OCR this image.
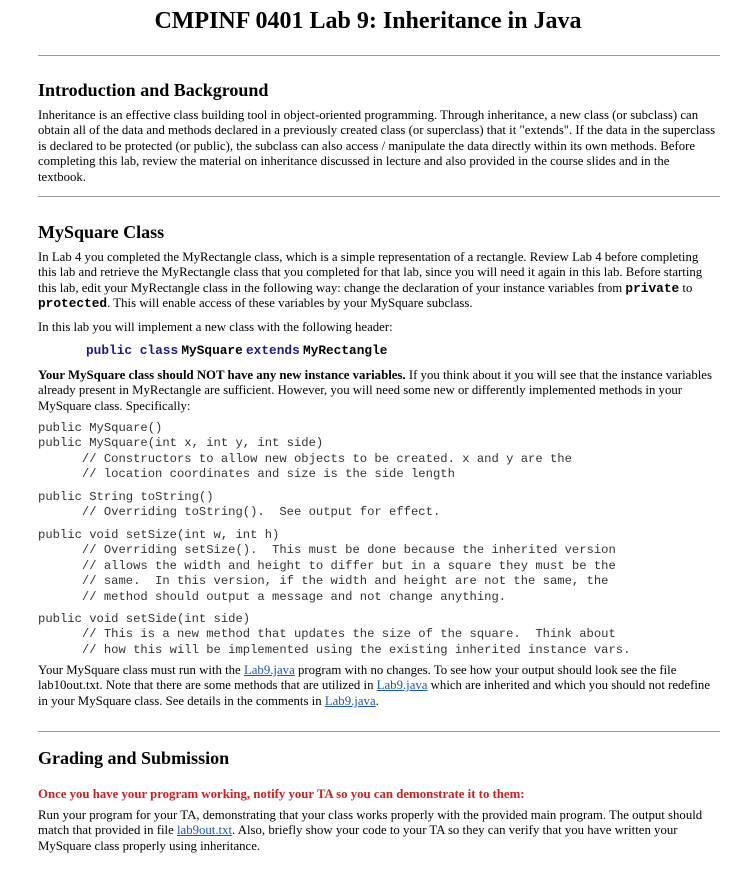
CMPINF 0401 Lab 9: Inheritance in Java
Introduction and Background

Inheritance is an effective class building tool in object-oriented programming. Through inheritance, a new class (or subclass) can obtain all of the data and methods declared in a previously created class (or superclass) that it "extends". If the data in the superclass is declared to be protected (or public), the subclass can also access / manipulate the data directly within its own methods. Before completing this lab, review the material on inheritance discussed in lecture and also provided in the course slides and in the textbook.

MySquare Class

In Lab 4 you completed the MyRectangle class, which is a simple representation of a rectangle. Review Lab 4 before completing this lab and retrieve the MyRectangle class that you completed for that lab, since you will need it again in this lab. Before starting this lab, edit your MyRectangle class in the following way: change the declaration of your instance variables from private to protected. This will enable access of these variables by your MySquare subclass.

In this lab you will implement a new class with the following header:

public class MySquare extends MyRectangle

Your MySquare class should NOT have any new instance variables. If you think about it you will see that the instance variables already present in MyRectangle are sufficient. However, you will need some new or differently implemented methods in your MySquare class. Specifically:

public MySquare()
public MySquare(int x, int y, int side)
// Constructors to allow new objects to be created. x and y are the
// location coordinates and size is the side length
public String toString()
// Overriding toString().  See output for effect.
public void setSize(int w, int h)
// Overriding setSize().  This must be done because the inherited version
// allows the width and height to differ but in a square they must be the
// same.  In this version, if the width and height are not the same, the
// method should output a message and not change anything.
public void setSide(int side)
// This is a new method that updates the size of the square.  Think about
// how this will be implemented using the existing inherited instance vars.

Your MySquare class must run with the Lab9.java program with no changes. To see how your output should look see the file lab10out.txt. Note that there are some methods that are utilized in Lab9.java which are inherited and which you should not redefine in your MySquare class. See details in the comments in Lab9.java.

Grading and Submission

Once you have your program working, notify your TA so you can demonstrate it to them:

Run your program for your TA, demonstrating that your class works properly with the provided main program. The output should match that provided in file lab9out.txt. Also, briefly show your code to your TA so they can verify that you have written your MySquare class properly using inheritance.
